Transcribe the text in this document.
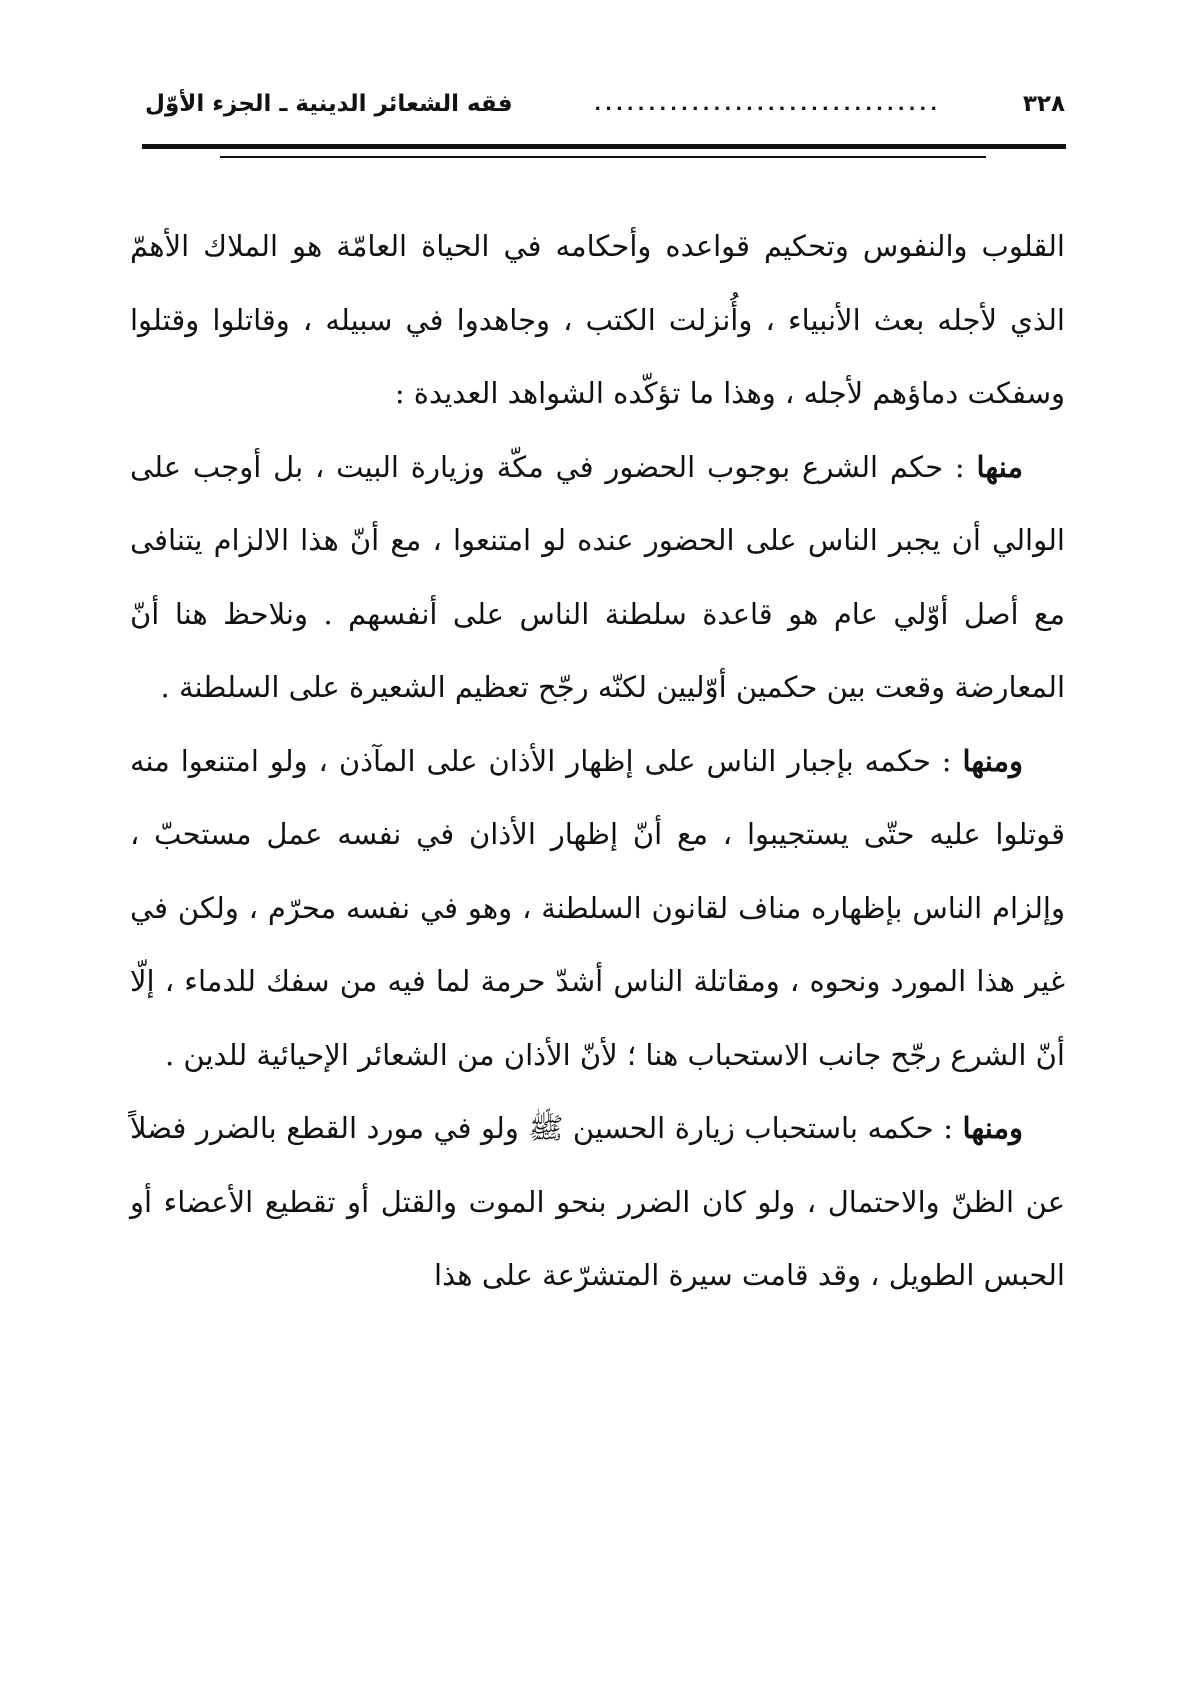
٣٢٨
................................
فقه الشعائر الدينية ـ الجزء الأوّل

القلوب والنفوس وتحكيم قواعده وأحكامه في الحياة العامّة هو الملاك الأهمّ الذي لأجله بعث الأنبياء ، وأُنزلت الكتب ، وجاهدوا في سبيله ، وقاتلوا وقتلوا وسفكت دماؤهم لأجله ، وهذا ما تؤكّده الشواهد العديدة :

منها : حكم الشرع بوجوب الحضور في مكّة وزيارة البيت ، بل أوجب على الوالي أن يجبر الناس على الحضور عنده لو امتنعوا ، مع أنّ هذا الالزام يتنافى مع أصل أوّلي عام هو قاعدة سلطنة الناس على أنفسهم . ونلاحظ هنا أنّ المعارضة وقعت بين حكمين أوّليين لكنّه رجّح تعظيم الشعيرة على السلطنة .

ومنها : حكمه بإجبار الناس على إظهار الأذان على المآذن ، ولو امتنعوا منه قوتلوا عليه حتّى يستجيبوا ، مع أنّ إظهار الأذان في نفسه عمل مستحبّ ، وإلزام الناس بإظهاره مناف لقانون السلطنة ، وهو في نفسه محرّم ، ولكن في غير هذا المورد ونحوه ، ومقاتلة الناس أشدّ حرمة لما فيه من سفك للدماء ، إلّا أنّ الشرع رجّح جانب الاستحباب هنا ؛ لأنّ الأذان من الشعائر الإحيائية للدين .

ومنها : حكمه باستحباب زيارة الحسين ﷺ ولو في مورد القطع بالضرر فضلاً عن الظنّ والاحتمال ، ولو كان الضرر بنحو الموت والقتل أو تقطيع الأعضاء أو الحبس الطويل ، وقد قامت سيرة المتشرّعة على هذا
